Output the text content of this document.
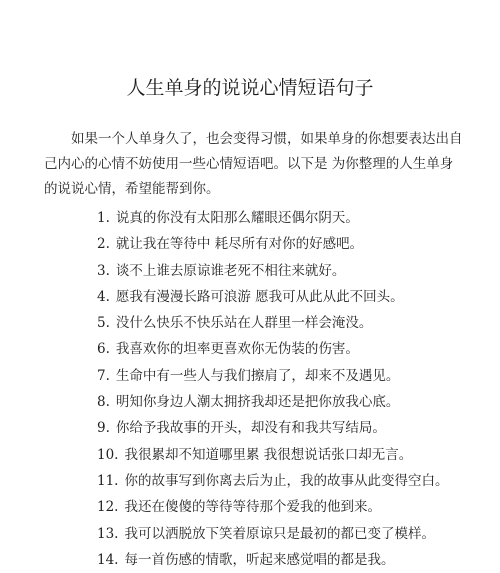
人生单身的说说心情短语句子

如果一个人单身久了，也会变得习惯，如果单身的你想要表达出自己内心的心情不妨使用一些心情短语吧。以下是 为你整理的人生单身的说说心情，希望能帮到你。

1. 说真的你没有太阳那么耀眼还偶尔阴天。
2. 就让我在等待中 耗尽所有对你的好感吧。
3. 谈不上谁去原谅谁老死不相往来就好。
4. 愿我有漫漫长路可浪游 愿我可从此从此不回头。
5. 没什么快乐不快乐站在人群里一样会淹没。
6. 我喜欢你的坦率更喜欢你无伪装的伤害。
7. 生命中有一些人与我们擦肩了，却来不及遇见。
8. 明知你身边人潮太拥挤我却还是把你放我心底。
9. 你给予我故事的开头，却没有和我共写结局。
10. 我很累却不知道哪里累 我很想说话张口却无言。
11. 你的故事写到你离去后为止，我的故事从此变得空白。
12. 我还在傻傻的等待等待那个爱我的他到来。
13. 我可以洒脱放下笑着原谅只是最初的都已变了模样。
14. 每一首伤感的情歌，听起来感觉唱的都是我。
